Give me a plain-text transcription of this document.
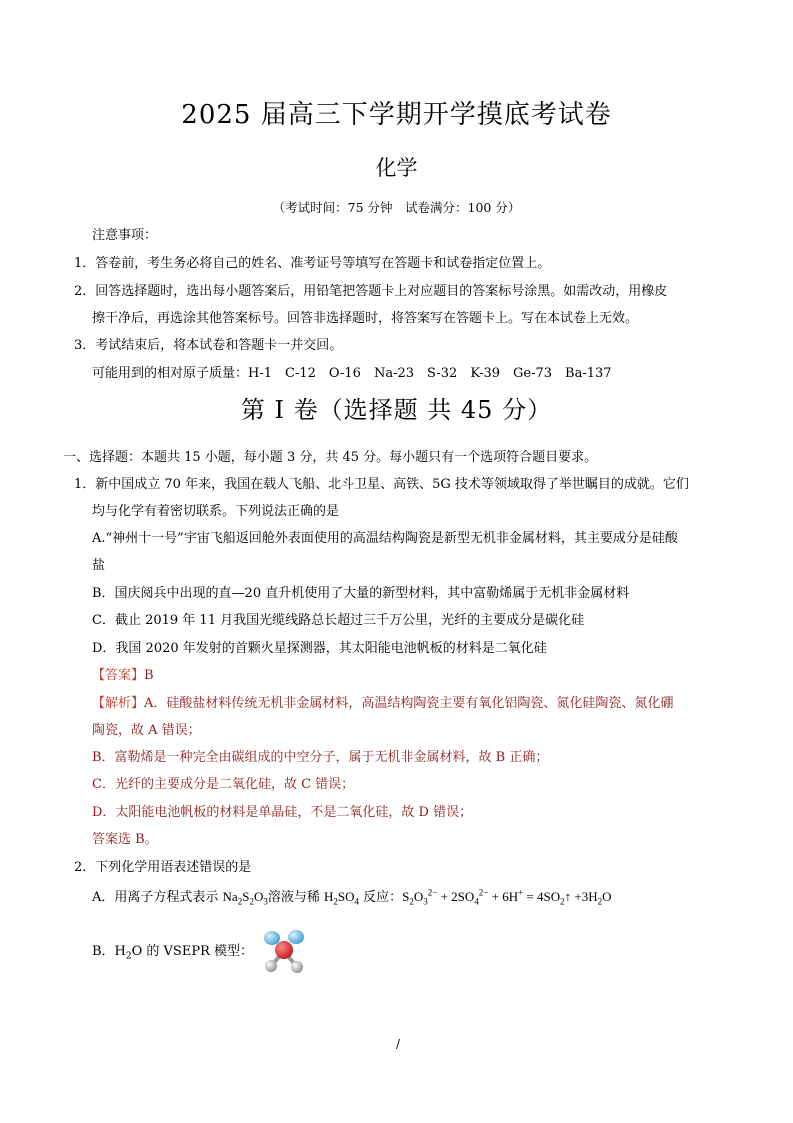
2025 届高三下学期开学摸底考试卷
化学
（考试时间：75 分钟　试卷满分：100 分）
注意事项：
1．答卷前，考生务必将自己的姓名、准考证号等填写在答题卡和试卷指定位置上。
2．回答选择题时，选出每小题答案后，用铅笔把答题卡上对应题目的答案标号涂黑。如需改动，用橡皮
擦干净后，再选涂其他答案标号。回答非选择题时，将答案写在答题卡上。写在本试卷上无效。
3．考试结束后，将本试卷和答题卡一并交回。
可能用到的相对原子质量：H-1　C-12　O-16　Na-23　S-32　K-39　Ge-73　Ba-137
第 I 卷（选择题 共 45 分）
一、选择题：本题共 15 小题，每小题 3 分，共 45 分。每小题只有一个选项符合题目要求。
1．新中国成立 70 年来，我国在载人飞船、北斗卫星、高铁、5G 技术等领域取得了举世瞩目的成就。它们
均与化学有着密切联系。下列说法正确的是
A.“神州十一号”宇宙飞船返回舱外表面使用的高温结构陶瓷是新型无机非金属材料，其主要成分是硅酸
盐
B．国庆阅兵中出现的直—20 直升机使用了大量的新型材料，其中富勒烯属于无机非金属材料
C．截止 2019 年 11 月我国光缆线路总长超过三千万公里，光纤的主要成分是碳化硅
D．我国 2020 年发射的首颗火星探测器，其太阳能电池帆板的材料是二氧化硅
【答案】B
【解析】A．硅酸盐材料传统无机非金属材料，高温结构陶瓷主要有氧化铝陶瓷、氮化硅陶瓷、氮化硼
陶瓷，故 A 错误；
B．富勒烯是一种完全由碳组成的中空分子，属于无机非金属材料，故 B 正确；
C．光纤的主要成分是二氧化硅，故 C 错误；
D．太阳能电池帆板的材料是单晶硅，不是二氧化硅，故 D 错误；
答案选 B。
2．下列化学用语表述错误的是
A．用离子方程式表示 $Na_2S_2O_3$溶液与稀 $H_2SO_4$ 反应：$S_2O_3^{2-} + 2SO_4^{2-} + 6H^+$ = $4SO_2↑ +3H_2O$
B．$H_2O$ 的 VSEPR 模型：
/
